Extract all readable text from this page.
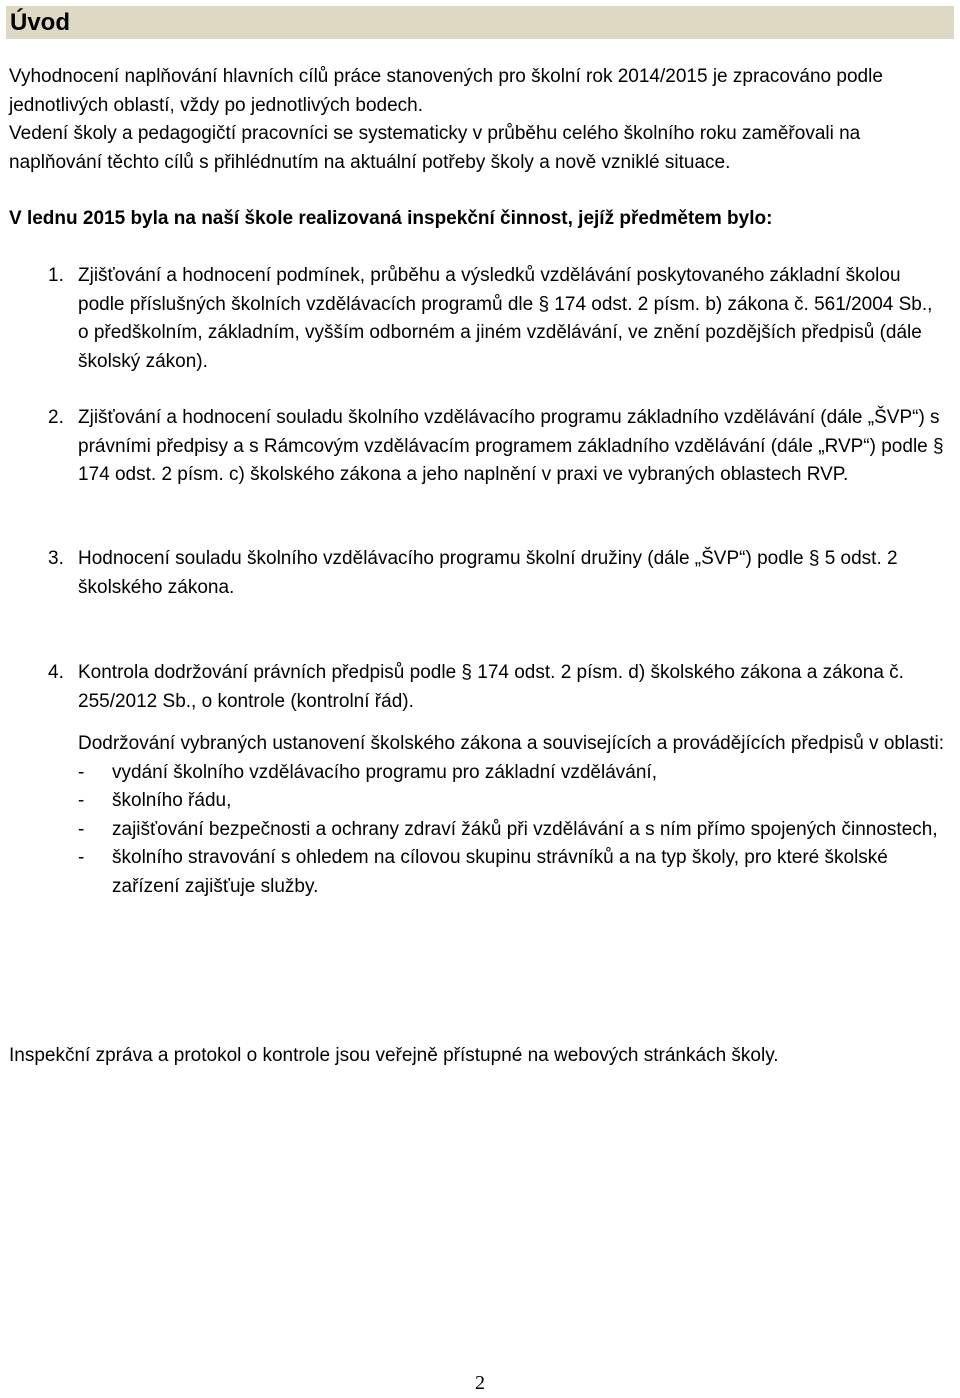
Úvod

Vyhodnocení naplňování hlavních cílů práce stanovených pro školní rok 2014/2015 je zpracováno podle jednotlivých oblastí, vždy po jednotlivých bodech.

Vedení školy a pedagogičtí pracovníci se systematicky v průběhu celého školního roku zaměřovali na naplňování těchto cílů s přihlédnutím na aktuální potřeby školy a nově vzniklé situace.

V lednu 2015 byla na naší škole realizovaná inspekční činnost, jejíž předmětem bylo:
1. Zjišťování a hodnocení podmínek, průběhu a výsledků vzdělávání poskytovaného základní školou podle příslušných školních vzdělávacích programů dle § 174 odst. 2 písm. b) zákona č. 561/2004 Sb., o předškolním, základním, vyšším odborném a jiném vzdělávání, ve znění pozdějších předpisů (dále školský zákon).
2. Zjišťování a hodnocení souladu školního vzdělávacího programu základního vzdělávání (dále „ŠVP“) s právními předpisy a s Rámcovým vzdělávacím programem základního vzdělávání (dále „RVP“) podle § 174 odst. 2 písm. c) školského zákona a jeho naplnění v praxi ve vybraných oblastech RVP.
3. Hodnocení souladu školního vzdělávacího programu školní družiny (dále „ŠVP“) podle § 5 odst. 2 školského zákona.
4. Kontrola dodržování právních předpisů podle § 174 odst. 2 písm. d) školského zákona a zákona č. 255/2012 Sb., o kontrole (kontrolní řád).

Dodržování vybraných ustanovení školského zákona a souvisejících a provádějících předpisů v oblasti:

- vydání školního vzdělávacího programu pro základní vzdělávání,
- školního řádu,
- zajišťování bezpečnosti a ochrany zdraví žáků při vzdělávání a s ním přímo spojených činnostech,
- školního stravování s ohledem na cílovou skupinu strávníků a na typ školy, pro které školské zařízení zajišťuje služby.
Inspekční zpráva a protokol o kontrole jsou veřejně přístupné na webových stránkách školy.
2
